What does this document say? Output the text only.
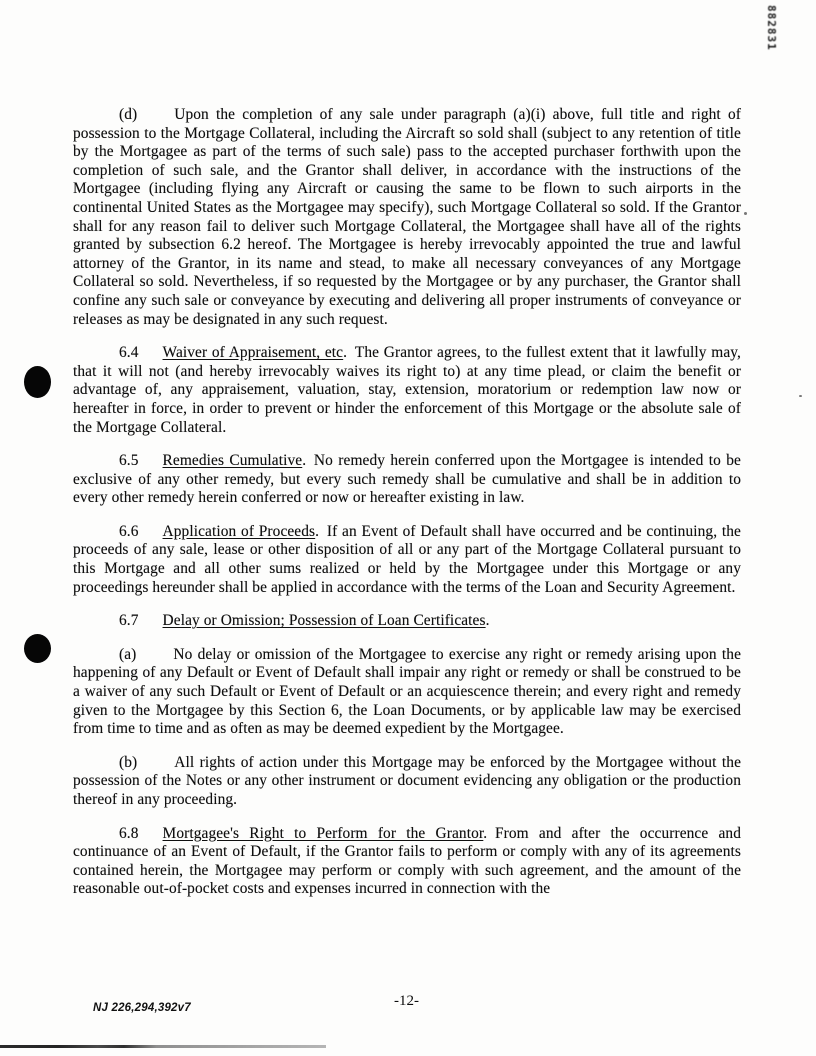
882831

(d) Upon the completion of any sale under paragraph (a)(i) above, full title and right of possession to the Mortgage Collateral, including the Aircraft so sold shall (subject to any retention of title by the Mortgagee as part of the terms of such sale) pass to the accepted purchaser forthwith upon the completion of such sale, and the Grantor shall deliver, in accordance with the instructions of the Mortgagee (including flying any Aircraft or causing the same to be flown to such airports in the continental United States as the Mortgagee may specify), such Mortgage Collateral so sold. If the Grantor shall for any reason fail to deliver such Mortgage Collateral, the Mortgagee shall have all of the rights granted by subsection 6.2 hereof. The Mortgagee is hereby irrevocably appointed the true and lawful attorney of the Grantor, in its name and stead, to make all necessary conveyances of any Mortgage Collateral so sold. Nevertheless, if so requested by the Mortgagee or by any purchaser, the Grantor shall confine any such sale or conveyance by executing and delivering all proper instruments of conveyance or releases as may be designated in any such request.

6.4 Waiver of Appraisement, etc. The Grantor agrees, to the fullest extent that it lawfully may, that it will not (and hereby irrevocably waives its right to) at any time plead, or claim the benefit or advantage of, any appraisement, valuation, stay, extension, moratorium or redemption law now or hereafter in force, in order to prevent or hinder the enforcement of this Mortgage or the absolute sale of the Mortgage Collateral.

6.5 Remedies Cumulative. No remedy herein conferred upon the Mortgagee is intended to be exclusive of any other remedy, but every such remedy shall be cumulative and shall be in addition to every other remedy herein conferred or now or hereafter existing in law.

6.6 Application of Proceeds. If an Event of Default shall have occurred and be continuing, the proceeds of any sale, lease or other disposition of all or any part of the Mortgage Collateral pursuant to this Mortgage and all other sums realized or held by the Mortgagee under this Mortgage or any proceedings hereunder shall be applied in accordance with the terms of the Loan and Security Agreement.

6.7 Delay or Omission; Possession of Loan Certificates.

(a) No delay or omission of the Mortgagee to exercise any right or remedy arising upon the happening of any Default or Event of Default shall impair any right or remedy or shall be construed to be a waiver of any such Default or Event of Default or an acquiescence therein; and every right and remedy given to the Mortgagee by this Section 6, the Loan Documents, or by applicable law may be exercised from time to time and as often as may be deemed expedient by the Mortgagee.

(b) All rights of action under this Mortgage may be enforced by the Mortgagee without the possession of the Notes or any other instrument or document evidencing any obligation or the production thereof in any proceeding.

6.8 Mortgagee's Right to Perform for the Grantor. From and after the occurrence and continuance of an Event of Default, if the Grantor fails to perform or comply with any of its agreements contained herein, the Mortgagee may perform or comply with such agreement, and the amount of the reasonable out-of-pocket costs and expenses incurred in connection with the

NJ 226,294,392v7	-12-
